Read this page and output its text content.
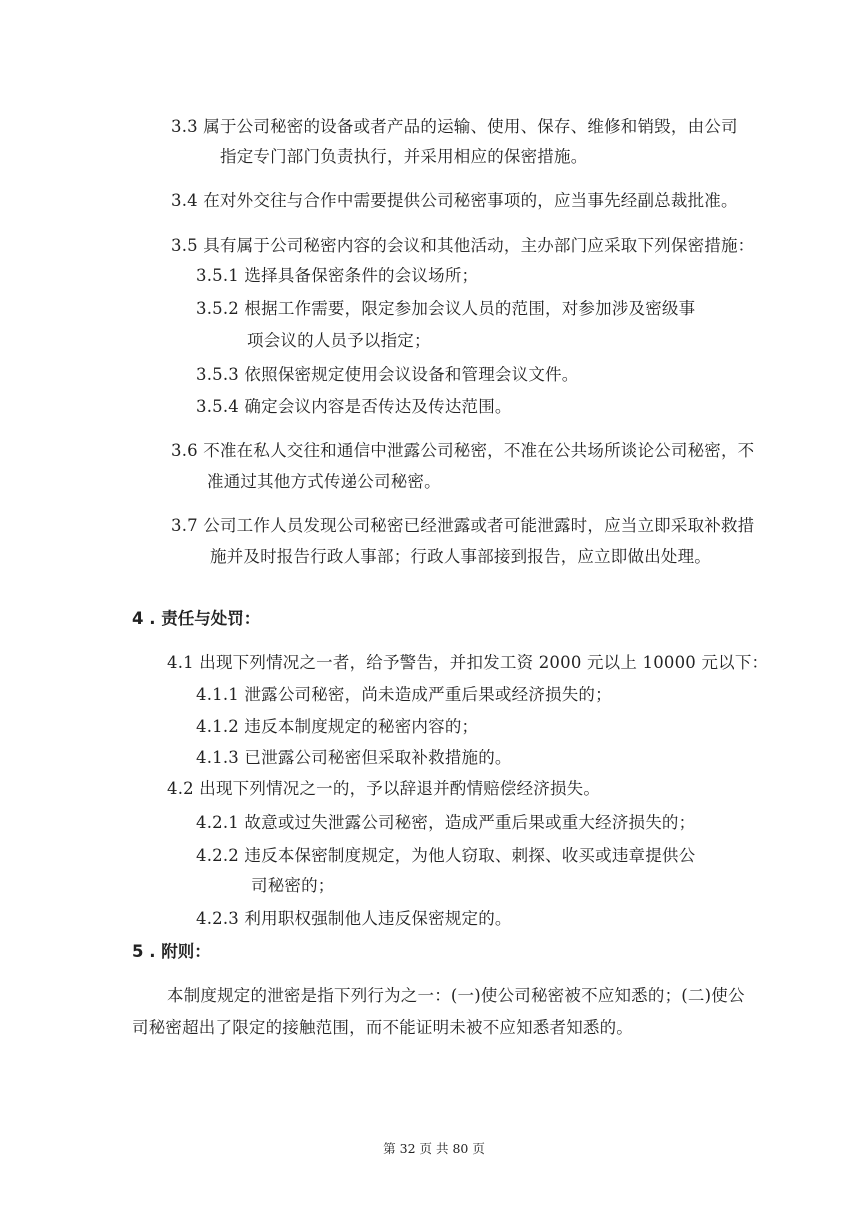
3.3 属于公司秘密的设备或者产品的运输、使用、保存、维修和销毁，由公司
指定专门部门负责执行，并采用相应的保密措施。
3.4 在对外交往与合作中需要提供公司秘密事项的，应当事先经副总裁批准。
3.5 具有属于公司秘密内容的会议和其他活动，主办部门应采取下列保密措施：
3.5.1 选择具备保密条件的会议场所；
3.5.2 根据工作需要，限定参加会议人员的范围，对参加涉及密级事
项会议的人员予以指定；
3.5.3 依照保密规定使用会议设备和管理会议文件。
3.5.4 确定会议内容是否传达及传达范围。
3.6 不准在私人交往和通信中泄露公司秘密，不准在公共场所谈论公司秘密，不
准通过其他方式传递公司秘密。
3.7 公司工作人员发现公司秘密已经泄露或者可能泄露时，应当立即采取补救措
施并及时报告行政人事部；行政人事部接到报告，应立即做出处理。
4 . 责任与处罚：
4.1 出现下列情况之一者，给予警告，并扣发工资 2000 元以上 10000 元以下：
4.1.1 泄露公司秘密，尚未造成严重后果或经济损失的；
4.1.2 违反本制度规定的秘密内容的；
4.1.3 已泄露公司秘密但采取补救措施的。
4.2 出现下列情况之一的，予以辞退并酌情赔偿经济损失。
4.2.1 故意或过失泄露公司秘密，造成严重后果或重大经济损失的；
4.2.2 违反本保密制度规定，为他人窃取、刺探、收买或违章提供公
司秘密的；
4.2.3 利用职权强制他人违反保密规定的。
5 . 附则：
本制度规定的泄密是指下列行为之一：(一)使公司秘密被不应知悉的；(二)使公
司秘密超出了限定的接触范围，而不能证明未被不应知悉者知悉的。
第 32 页 共 80 页
